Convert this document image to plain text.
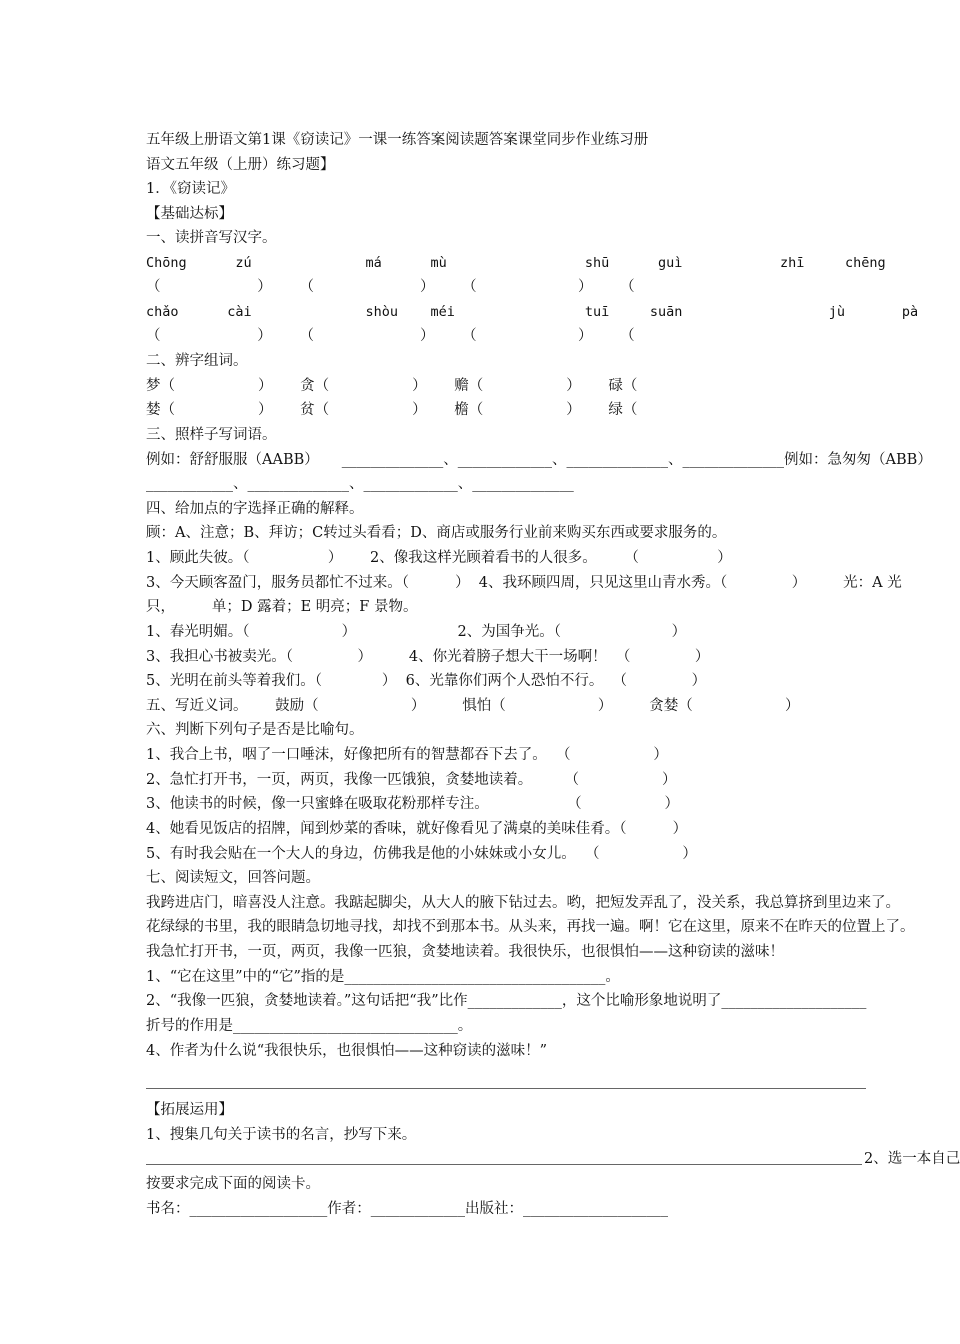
五年级上册语文第1课《窃读记》一课一练答案阅读题答案课堂同步作业练习册
语文五年级（上册）练习题】
1．《窃读记》
【基础达标】
一、读拼音写汉字。
Chōng      zú              má      mù                 shū      guì            zhī     chēng
（                     ）      （                       ）      （                      ）      （
chǎo      cài              shòu    méi                tuī     suān                  jù       pà
（                     ）      （                       ）      （                      ）      （
二、辨字组词。
梦（                  ）      贪（                  ）      赡（                  ）      碌（
婪（                  ）      贫（                  ）      檐（                  ）      绿（
三、照样子写词语。
例如：舒舒服服（AABB）     ______________、_____________、______________、______________例如：急匆匆（ABB）
____________、______________、_____________、______________
四、给加点的字选择正确的解释。
顾：A、注意；B、拜访；C转过头看看；D、商店或服务行业前来购买东西或要求服务的。
1、顾此失彼。（                 ）      2、像我这样光顾着看书的人很多。      （                 ）
3、今天顾客盈门，服务员都忙不过来。（          ）  4、我环顾四周，只见这里山青水秀。（              ）        光：A 光
只，        单；D 露着；E 明亮；F 景物。
1、春光明媚。（                    ）                      2、为国争光。（                        ）
3、我担心书被卖光。（              ）        4、你光着膀子想大干一场啊！  （              ）
5、光明在前头等着我们。（             ）  6、光靠你们两个人恐怕不行。  （              ）
五、写近义词。      鼓励（                    ）        惧怕（                    ）        贪婪（                    ）
六、判断下列句子是否是比喻句。
1、我合上书，咽了一口唾沫，好像把所有的智慧都吞下去了。  （                  ）
2、急忙打开书，一页，两页，我像一匹饿狼，贪婪地读着。       （                  ）
3、他读书的时候，像一只蜜蜂在吸取花粉那样专注。                 （                  ）
4、她看见饭店的招牌，闻到炒菜的香味，就好像看见了满桌的美味佳肴。（          ）
5、有时我会贴在一个大人的身边，仿佛我是他的小妹妹或小女儿。  （                  ）
七、阅读短文，回答问题。
我跨进店门，暗喜没人注意。我踮起脚尖，从大人的腋下钻过去。哟，把短发弄乱了，没关系，我总算挤到里边来了。
花绿绿的书里，我的眼睛急切地寻找，却找不到那本书。从头来，再找一遍。啊！它在这里，原来不在昨天的位置上了。
我急忙打开书，一页，两页，我像一匹狼，贪婪地读着。我很快乐，也很惧怕——这种窃读的滋味！
1、“它在这里”中的“它”指的是____________________________________。
2、“我像一匹狼，贪婪地读着。”这句话把“我”比作_____________，这个比喻形象地说明了____________________
折号的作用是_______________________________。
4、作者为什么说“我很快乐，也很惧怕——这种窃读的滋味！”
【拓展运用】
1、搜集几句关于读书的名言，抄写下来。

2、选一本自己

按要求完成下面的阅读卡。
书名：___________________作者：_____________出版社：____________________
